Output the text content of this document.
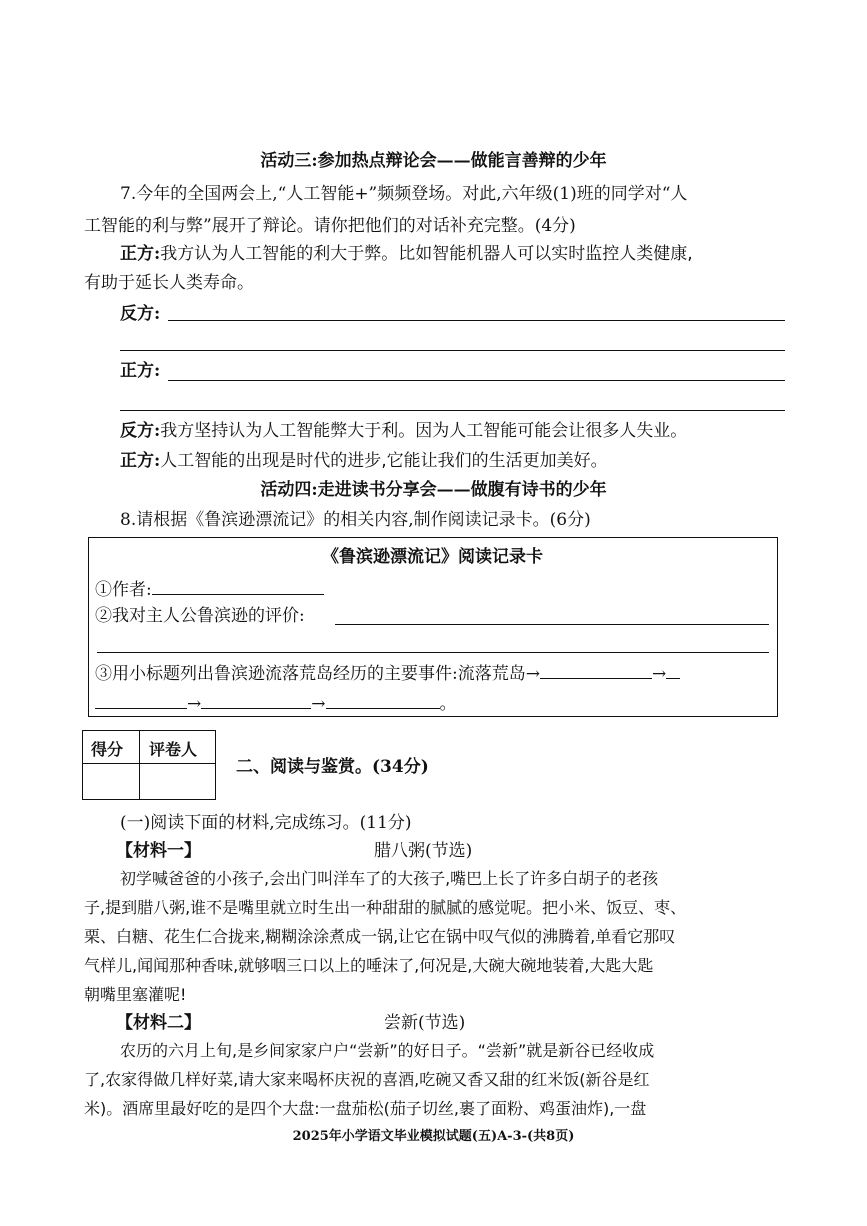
活动三:参加热点辩论会——做能言善辩的少年
7.今年的全国两会上,“人工智能+”频频登场。对此,六年级(1)班的同学对“人
工智能的利与弊”展开了辩论。请你把他们的对话补充完整。(4分)
正方:我方认为人工智能的利大于弊。比如智能机器人可以实时监控人类健康,
有助于延长人类寿命。
反方:
正方:
反方:我方坚持认为人工智能弊大于利。因为人工智能可能会让很多人失业。
正方:人工智能的出现是时代的进步,它能让我们的生活更加美好。
活动四:走进读书分享会——做腹有诗书的少年
8.请根据《鲁滨逊漂流记》的相关内容,制作阅读记录卡。(6分)
《鲁滨逊漂流记》阅读记录卡
①作者:
②我对主人公鲁滨逊的评价:
③用小标题列出鲁滨逊流落荒岛经历的主要事件:流落荒岛→	→
→	→	。
得分 评卷人
二、阅读与鉴赏。(34分)
(一)阅读下面的材料,完成练习。(11分)
【材料一】	腊八粥(节选)
初学喊爸爸的小孩子,会出门叫洋车了的大孩子,嘴巴上长了许多白胡子的老孩
子,提到腊八粥,谁不是嘴里就立时生出一种甜甜的腻腻的感觉呢。把小米、饭豆、枣、
栗、白糖、花生仁合拢来,糊糊涂涂煮成一锅,让它在锅中叹气似的沸腾着,单看它那叹
气样儿,闻闻那种香味,就够咽三口以上的唾沫了,何况是,大碗大碗地装着,大匙大匙
朝嘴里塞灌呢!
【材料二】	尝新(节选)
农历的六月上旬,是乡间家家户户“尝新”的好日子。“尝新”就是新谷已经收成
了,农家得做几样好菜,请大家来喝杯庆祝的喜酒,吃碗又香又甜的红米饭(新谷是红
米)。酒席里最好吃的是四个大盘:一盘茄松(茄子切丝,裹了面粉、鸡蛋油炸),一盘
2025年小学语文毕业模拟试题(五)A-3-(共8页)
